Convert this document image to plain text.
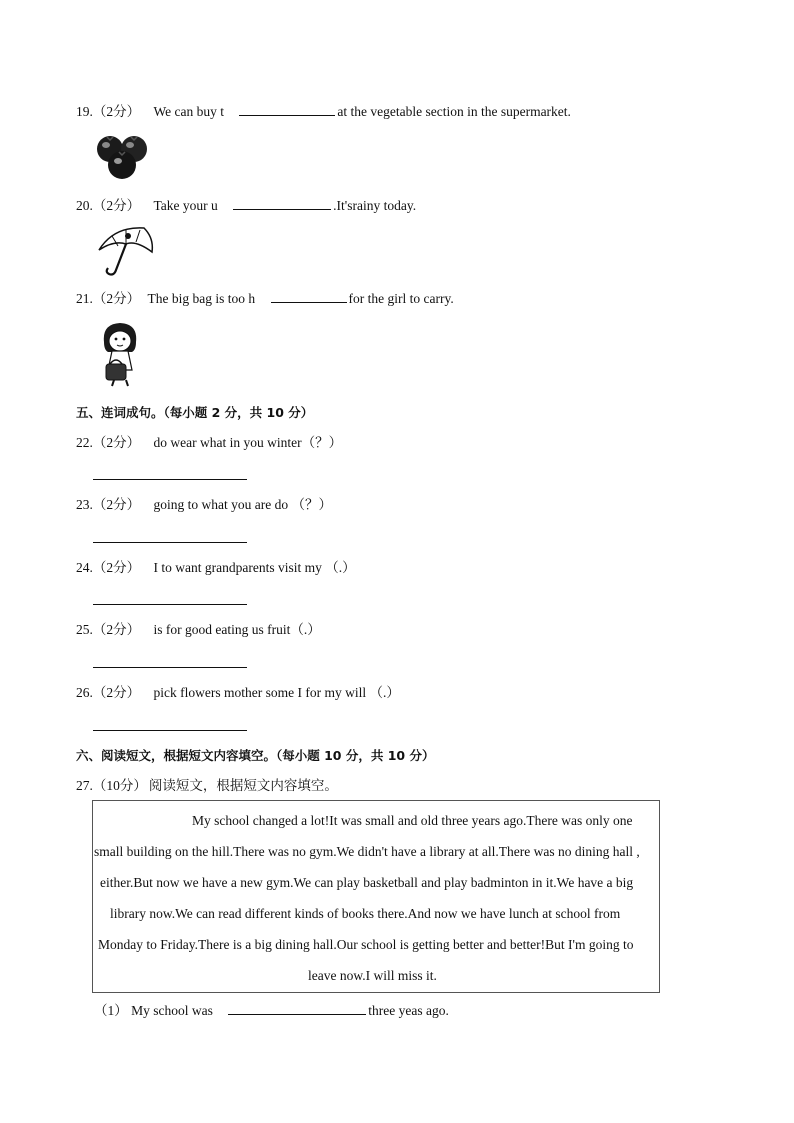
19.（2分） We can buy t	at the vegetable section in the supermarket.
20.（2分） Take your u	.It'srainy today.
21.（2分） The big bag is too h	for the girl to carry.
五、连词成句。（每小题 2 分，共 10 分）
22.（2分） do wear what in you winter（？）
23.（2分） going to what you are do （？）
24.（2分） I to want grandparents visit my （.）
25.（2分） is for good eating us fruit（.）
26.（2分） pick flowers mother some I for my will （.）
六、阅读短文，根据短文内容填空。（每小题 10 分，共 10 分）
27.（10分） 阅读短文，根据短文内容填空。
My school changed a lot!It was small and old three years ago.There was only one
small building on the hill.There was no gym.We didn't have a library at all.There was no dining hall ,
either.But now we have a new gym.We can play basketball and play badminton in it.We have a big
library now.We can read different kinds of books there.And now we have lunch at school from
Monday to Friday.There is a big dining hall.Our school is getting better and better!But I'm going to
leave now.I will miss it.
（1） My school was	three yeas ago.
